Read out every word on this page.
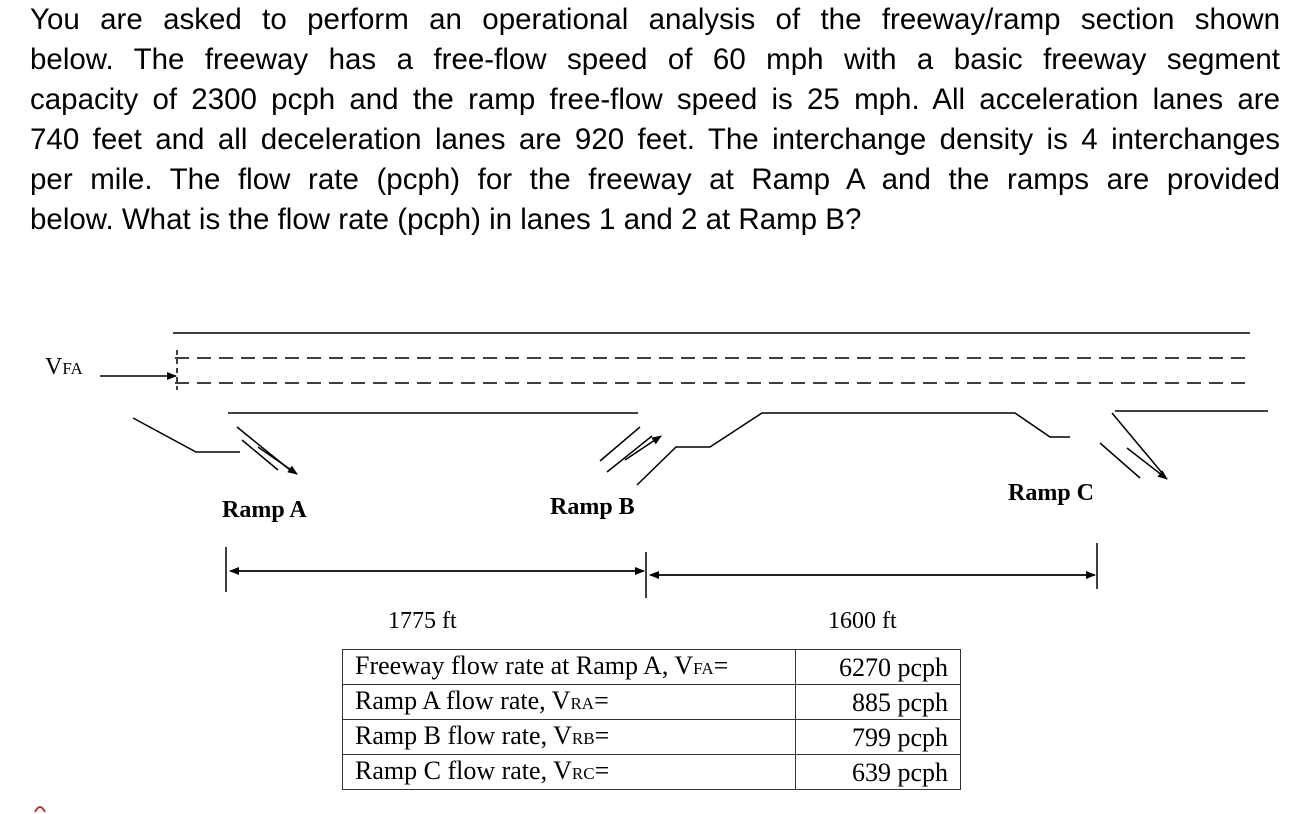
You are asked to perform an operational analysis of the freeway/ramp section shown
below. The freeway has a free-flow speed of 60 mph with a basic freeway segment
capacity of 2300 pcph and the ramp free-flow speed is 25 mph. All acceleration lanes are
740 feet and all deceleration lanes are 920 feet. The interchange density is 4 interchanges
per mile. The flow rate (pcph) for the freeway at Ramp A and the ramps are provided
below. What is the flow rate (pcph) in lanes 1 and 2 at Ramp B?
VFA
Ramp A	Ramp B
Ramp C
1775 ft	1600 ft
Freeway flow rate at Ramp A, VFA=	6270 pcph
Ramp A flow rate, VRA=	885 pcph
Ramp B flow rate, VRB=	799 pcph
Ramp C flow rate, VRC=	639 pcph
